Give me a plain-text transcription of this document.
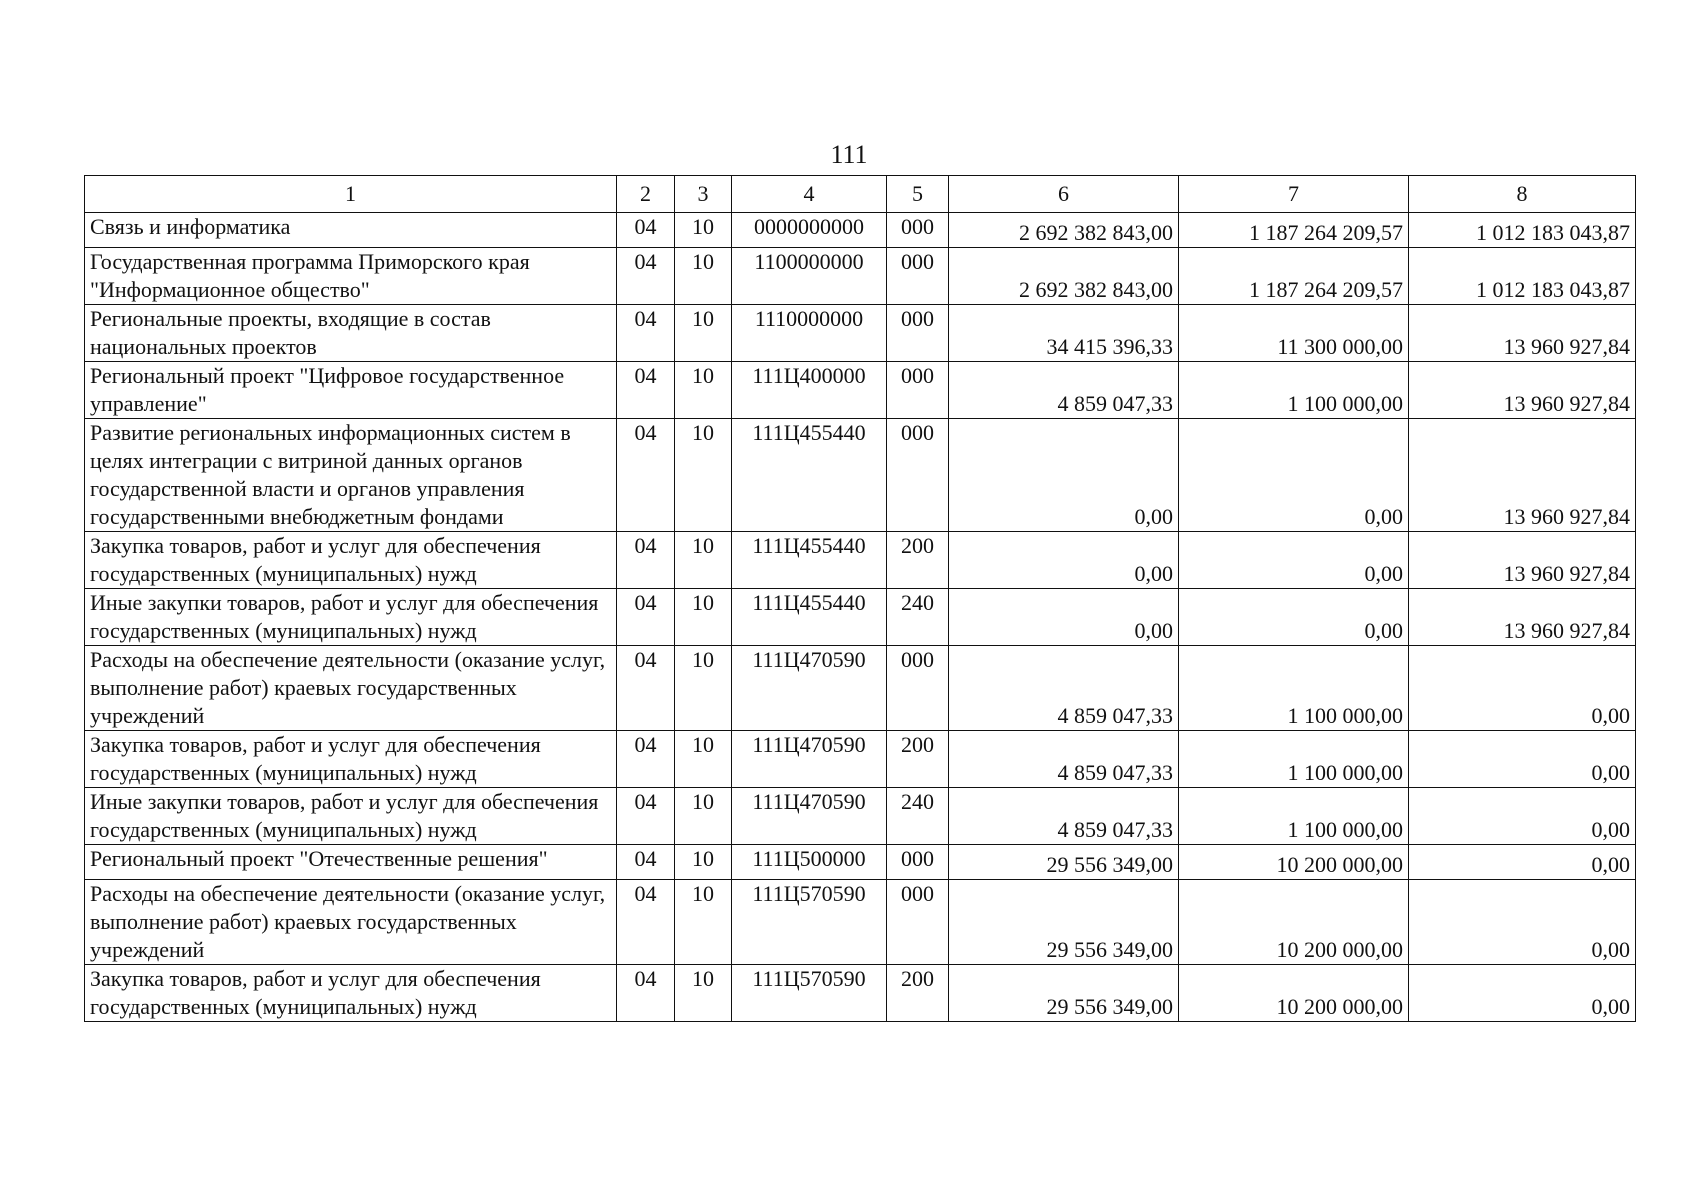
111
1	2	3	4	5	6	7	8
Связь и информатика	04	10	0000000000	000	2 692 382 843,00	1 187 264 209,57	1 012 183 043,87
Государственная программа Приморского края "Информационное общество"	04	10	1100000000	000	2 692 382 843,00	1 187 264 209,57	1 012 183 043,87
Региональные проекты, входящие в состав национальных проектов	04	10	1110000000	000	34 415 396,33	11 300 000,00	13 960 927,84
Региональный проект "Цифровое государственное управление"	04	10	111Ц400000	000	4 859 047,33	1 100 000,00	13 960 927,84
Развитие региональных информационных систем в целях интеграции с витриной данных органов государственной власти и органов управления государственными внебюджетным фондами	04	10	111Ц455440	000	0,00	0,00	13 960 927,84
Закупка товаров, работ и услуг для обеспечения государственных (муниципальных) нужд	04	10	111Ц455440	200	0,00	0,00	13 960 927,84
Иные закупки товаров, работ и услуг для обеспечения государственных (муниципальных) нужд	04	10	111Ц455440	240	0,00	0,00	13 960 927,84
Расходы на обеспечение деятельности (оказание услуг, выполнение работ) краевых государственных учреждений	04	10	111Ц470590	000	4 859 047,33	1 100 000,00	0,00
Закупка товаров, работ и услуг для обеспечения государственных (муниципальных) нужд	04	10	111Ц470590	200	4 859 047,33	1 100 000,00	0,00
Иные закупки товаров, работ и услуг для обеспечения государственных (муниципальных) нужд	04	10	111Ц470590	240	4 859 047,33	1 100 000,00	0,00
Региональный проект "Отечественные решения"	04	10	111Ц500000	000	29 556 349,00	10 200 000,00	0,00
Расходы на обеспечение деятельности (оказание услуг, выполнение работ) краевых государственных учреждений	04	10	111Ц570590	000	29 556 349,00	10 200 000,00	0,00
Закупка товаров, работ и услуг для обеспечения государственных (муниципальных) нужд	04	10	111Ц570590	200	29 556 349,00	10 200 000,00	0,00
